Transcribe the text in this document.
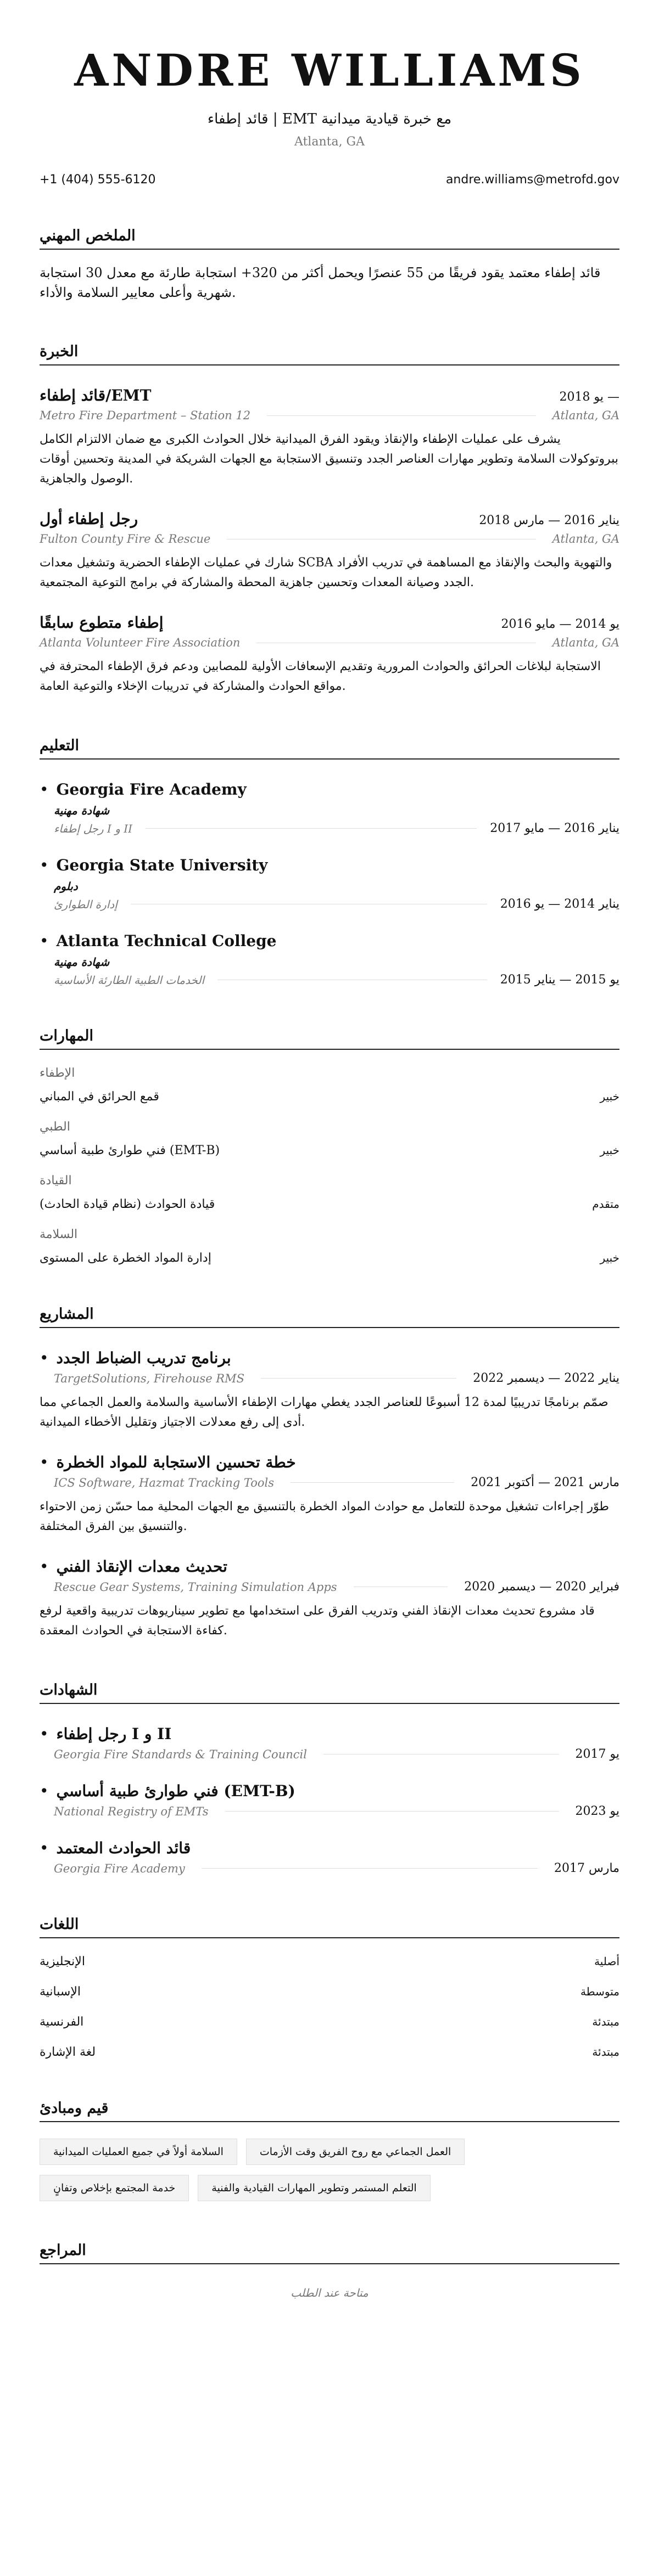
ANDRE WILLIAMS
قائد إطفاء | EMT مع خبرة قيادية ميدانية
Atlanta, GA
+1 (404) 555-6120	andre.williams@metrofd.gov
الملخص المهني
قائد إطفاء معتمد يقود فريقًا من 55 عنصرًا ويحمل أكثر من 320+ استجابة طارئة مع معدل 30 استجابة شهرية وأعلى معايير السلامة والأداء.
الخبرة
قائد إطفاء/EMT	يو 2018 —
Metro Fire Department – Station 12	Atlanta, GA
يشرف على عمليات الإطفاء والإنقاذ ويقود الفرق الميدانية خلال الحوادث الكبرى مع ضمان الالتزام الكامل ببروتوكولات السلامة وتطوير مهارات العناصر الجدد وتنسيق الاستجابة مع الجهات الشريكة في المدينة وتحسين أوقات الوصول والجاهزية.
رجل إطفاء أول	يناير 2016 — مارس 2018
Fulton County Fire & Rescue	Atlanta, GA
شارك في عمليات الإطفاء الحضرية وتشغيل معدات SCBA والتهوية والبحث والإنقاذ مع المساهمة في تدريب الأفراد الجدد وصيانة المعدات وتحسين جاهزية المحطة والمشاركة في برامج التوعية المجتمعية.
إطفاء متطوع سابقًا	يو 2014 — مايو 2016
Atlanta Volunteer Fire Association	Atlanta, GA
الاستجابة لبلاغات الحرائق والحوادث المرورية وتقديم الإسعافات الأولية للمصابين ودعم فرق الإطفاء المحترفة في مواقع الحوادث والمشاركة في تدريبات الإخلاء والتوعية العامة.
التعليم
• Georgia Fire Academy
شهادة مهنية
رجل إطفاء I و II	يناير 2016 — مايو 2017
• Georgia State University
دبلوم
إدارة الطوارئ	يناير 2014 — يو 2016
• Atlanta Technical College
شهادة مهنية
الخدمات الطبية الطارئة الأساسية	يو 2015 — يناير 2015
المهارات
الإطفاء
قمع الحرائق في المباني	خبير
الطبي
فني طوارئ طبية أساسي (EMT-B)	خبير
القيادة
قيادة الحوادث (نظام قيادة الحادث)	متقدم
السلامة
إدارة المواد الخطرة على المستوى	خبير
المشاريع
• برنامج تدريب الضباط الجدد
TargetSolutions, Firehouse RMS	يناير 2022 — ديسمبر 2022
صمّم برنامجًا تدريبيًا لمدة 12 أسبوعًا للعناصر الجدد يغطي مهارات الإطفاء الأساسية والسلامة والعمل الجماعي مما أدى إلى رفع معدلات الاجتياز وتقليل الأخطاء الميدانية.
• خطة تحسين الاستجابة للمواد الخطرة
ICS Software, Hazmat Tracking Tools	مارس 2021 — أكتوبر 2021
طوّر إجراءات تشغيل موحدة للتعامل مع حوادث المواد الخطرة بالتنسيق مع الجهات المحلية مما حسّن زمن الاحتواء والتنسيق بين الفرق المختلفة.
• تحديث معدات الإنقاذ الفني
Rescue Gear Systems, Training Simulation Apps	فبراير 2020 — ديسمبر 2020
قاد مشروع تحديث معدات الإنقاذ الفني وتدريب الفرق على استخدامها مع تطوير سيناريوهات تدريبية واقعية لرفع كفاءة الاستجابة في الحوادث المعقدة.
الشهادات
• رجل إطفاء I و II
Georgia Fire Standards & Training Council	يو 2017
• فني طوارئ طبية أساسي (EMT-B)
National Registry of EMTs	يو 2023
• قائد الحوادث المعتمد
Georgia Fire Academy	مارس 2017
اللغات
الإنجليزية	أصلية
الإسبانية	متوسطة
الفرنسية	مبتدئة
لغة الإشارة	مبتدئة
قيم ومبادئ
السلامة أولاً في جميع العمليات الميدانية	العمل الجماعي مع روح الفريق وقت الأزمات
خدمة المجتمع بإخلاص وتفانٍ	التعلم المستمر وتطوير المهارات القيادية والفنية
المراجع
متاحة عند الطلب
